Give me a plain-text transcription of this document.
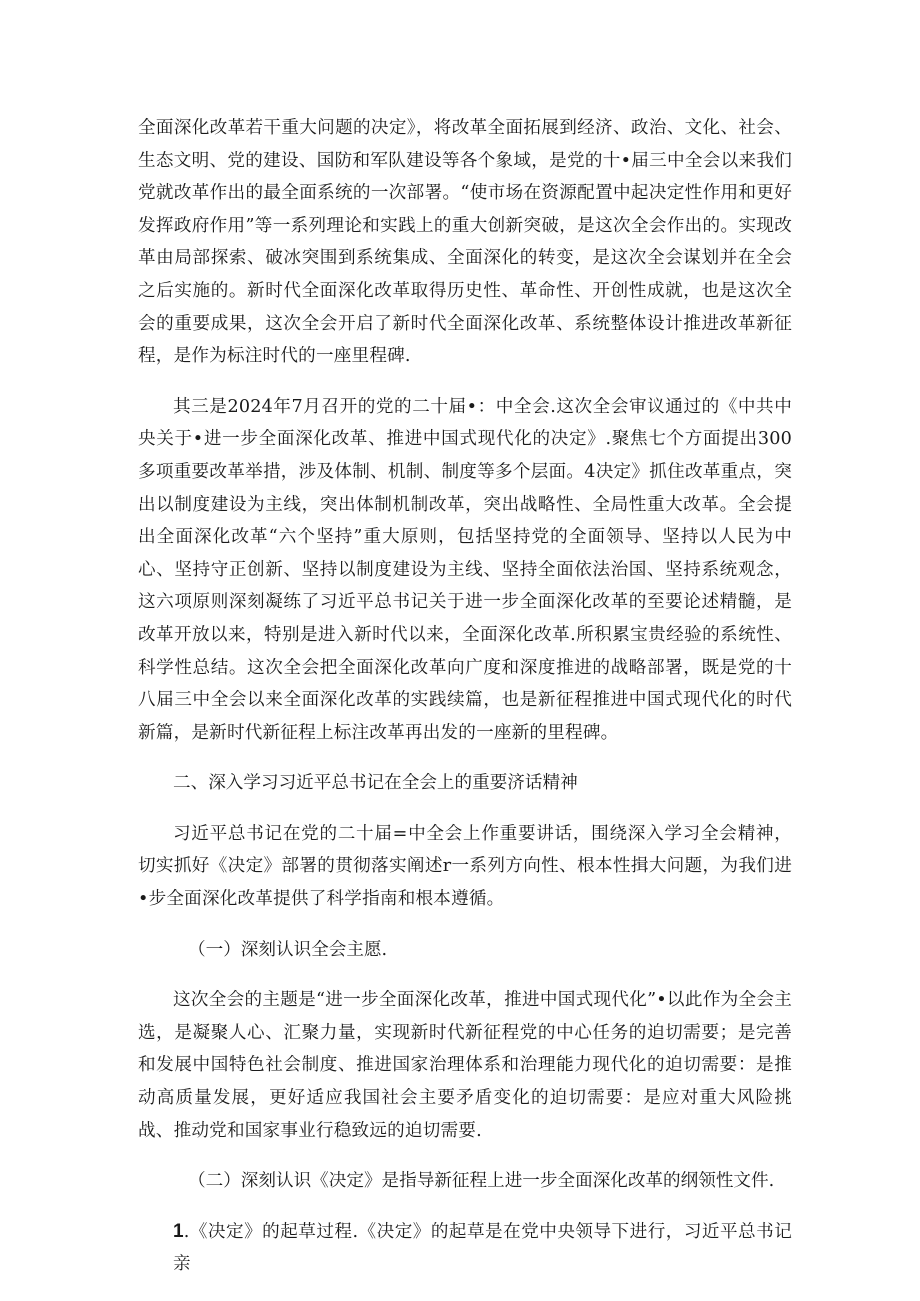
全面深化改革若干重大问题的决定》，将改革全面拓展到经济、政治、文化、社会、生态文明、党的建设、国防和军队建设等各个象域，是党的十•届三中全会以来我们党就改革作出的最全面系统的一次部署。“使市场在资源配置中起决定性作用和更好发挥政府作用”等一系列理论和实践上的重大创新突破，是这次全会作出的。实现改革由局部探索、破冰突围到系统集成、全面深化的转变，是这次全会谋划并在全会之后实施的。新时代全面深化改革取得历史性、革命性、开创性成就，也是这次全会的重要成果，这次全会开启了新时代全面深化改革、系统整体设计推进改革新征程，是作为标注时代的一座里程碑.

其三是2024年7月召开的党的二十届•：中全会.这次全会审议通过的《中共中央关于•进一步全面深化改革、推进中国式现代化的决定》.聚焦七个方面提出300多项重要改革举措，涉及体制、机制、制度等多个层面。4决定》抓住改革重点，突出以制度建设为主线，突出体制机制改革，突出战略性、全局性重大改革。全会提出全面深化改革“六个坚持”重大原则，包括坚持党的全面领导、坚持以人民为中心、坚持守正创新、坚持以制度建设为主线、坚持全面依法治国、坚持系统观念，这六项原则深刻凝练了习近平总书记关于进一步全面深化改革的至要论述精髓，是改革开放以来，特别是进入新时代以来，全面深化改革.所积累宝贵经验的系统性、科学性总结。这次全会把全面深化改革向广度和深度推进的战略部署，既是党的十八届三中全会以来全面深化改革的实践续篇，也是新征程推进中国式现代化的时代新篇，是新时代新征程上标注改革再出发的一座新的里程碑。

二、深入学习习近平总书记在全会上的重要济话精神

习近平总书记在党的二十届=中全会上作重要讲话，围绕深入学习全会精神，切实抓好《决定》部署的贯彻落实阐述r一系列方向性、根本性揖大问题，为我们进•步全面深化改革提供了科学指南和根本遵循。

（一）深刻认识全会主愿.

这次全会的主题是“进一步全面深化改革，推进中国式现代化”•以此作为全会主选，是凝聚人心、汇聚力量，实现新时代新征程党的中心任务的迫切需要；是完善和发展中国特色社会制度、推进国家治理体系和治理能力现代化的迫切需要：是推动高质量发展，更好适应我国社会主要矛盾变化的迫切需要：是应对重大风险挑战、推动党和国家事业行稳致远的迫切需要.

（二）深刻认识《决定》是指导新征程上进一步全面深化改革的纲领性文件.

1.《决定》的起草过程.《决定》的起草是在党中央领导下进行，习近平总书记亲
